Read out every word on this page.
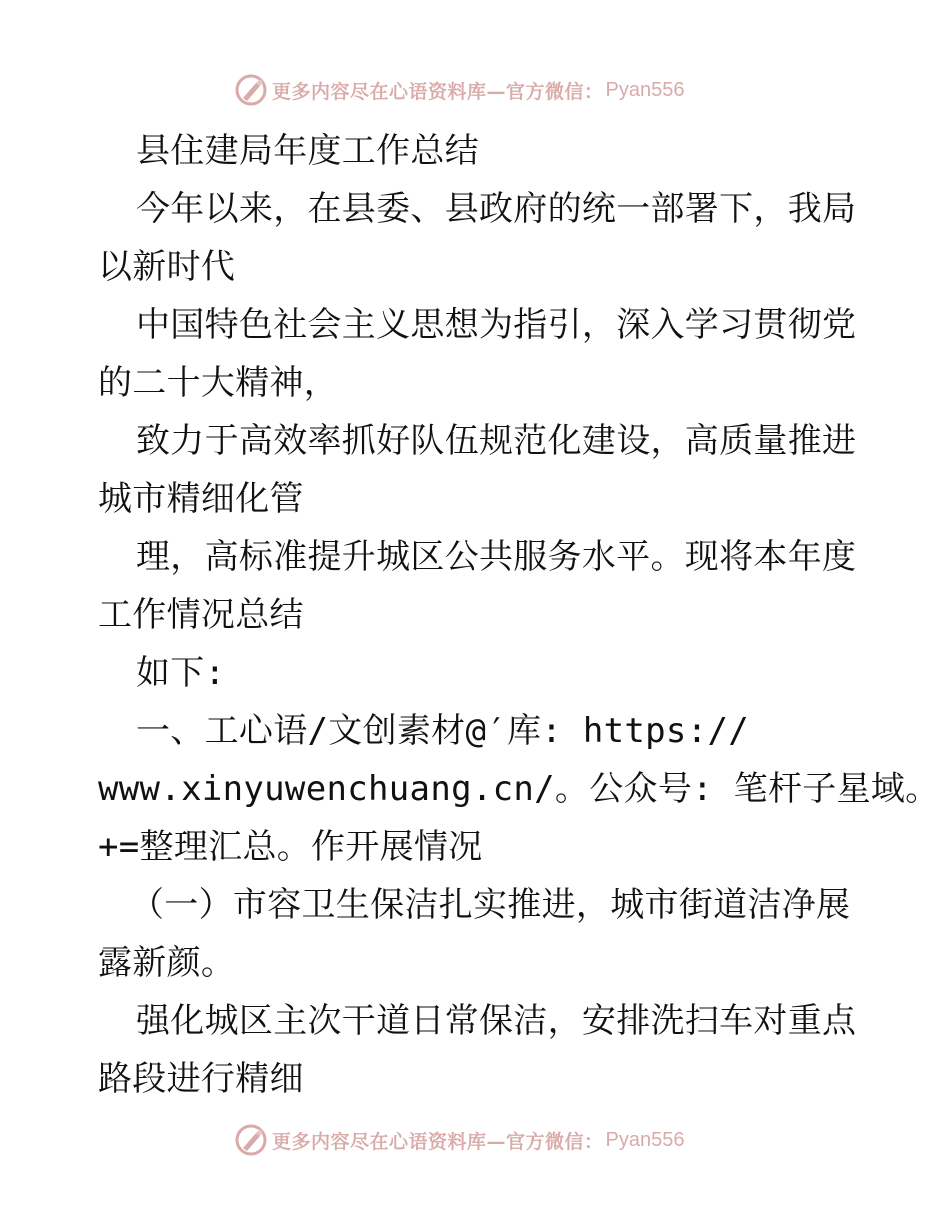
更多内容尽在心语资料库—官方微信： Pyan556
县住建局年度工作总结
今年以来，在县委、县政府的统一部署下，我局
以新时代
中国特色社会主义思想为指引，深入学习贯彻党
的二十大精神，
致力于高效率抓好队伍规范化建设，高质量推进
城市精细化管
理，高标准提升城区公共服务水平。现将本年度
工作情况总结
如下:
一、工心语/文创素材@′库: https://
www.xinyuwenchuang.cn/。公众号: 笔杆子星域。
+=整理汇总。作开展情况
（一）市容卫生保洁扎实推进，城市街道洁净展
露新颜。
强化城区主次干道日常保洁，安排洗扫车对重点
路段进行精细
更多内容尽在心语资料库—官方微信： Pyan556
